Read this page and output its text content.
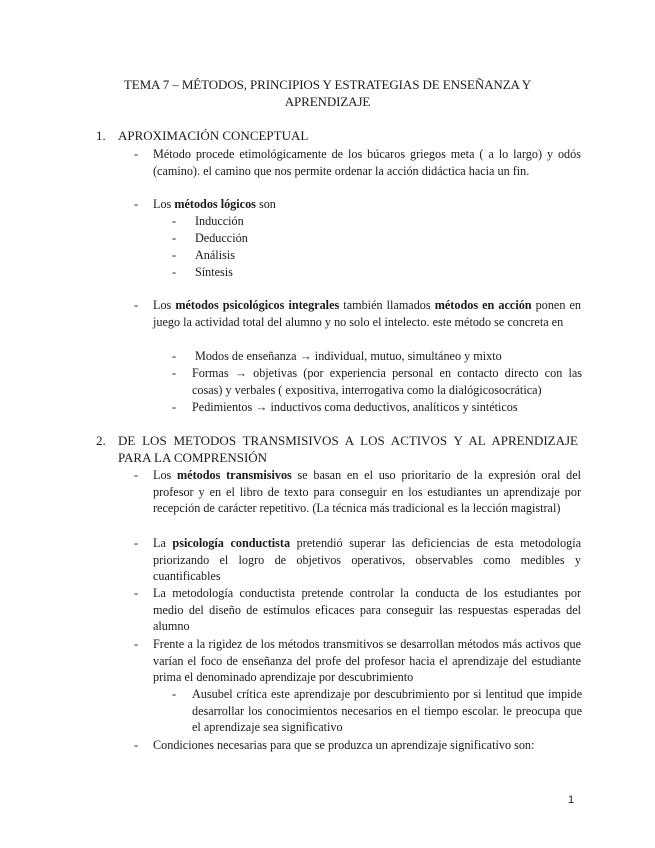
TEMA 7 – MÉTODOS, PRINCIPIOS Y ESTRATEGIAS DE ENSEÑANZA Y
APRENDIZAJE
1. APROXIMACIÓN CONCEPTUAL
- Método procede etimológicamente de los búcaros griegos meta ( a lo largo) y odós (camino). el camino que nos permite ordenar la acción didáctica hacia un fin.
- Los métodos lógicos son
- Inducción
- Deducción
- Análisis
- Síntesis
- Los métodos psicológicos integrales también llamados métodos en acción ponen en juego la actividad total del alumno y no solo el intelecto. este método se concreta en
- Modos de enseñanza → individual, mutuo, simultáneo y mixto
- Formas → objetivas (por experiencia personal en contacto directo con las cosas) y verbales ( expositiva, interrogativa como la dialógicosocrática)
- Pedimientos → inductivos coma deductivos, analíticos y sintéticos
2. DE LOS METODOS TRANSMISIVOS A LOS ACTIVOS Y AL APRENDIZAJE PARA LA COMPRENSIÓN
- Los métodos transmisivos se basan en el uso prioritario de la expresión oral del profesor y en el libro de texto para conseguir en los estudiantes un aprendizaje por recepción de carácter repetitivo. (La técnica más tradicional es la lección magistral)
- La psicología conductista pretendió superar las deficiencias de esta metodología priorizando el logro de objetivos operativos, observables como medibles y cuantificables
- La metodología conductista pretende controlar la conducta de los estudiantes por medio del diseño de estímulos eficaces para conseguir las respuestas esperadas del alumno
- Frente a la rigidez de los métodos transmitivos se desarrollan métodos más activos que varían el foco de enseñanza del profe del profesor hacia el aprendizaje del estudiante prima el denominado aprendizaje por descubrimiento
- Ausubel crítica este aprendizaje por descubrimiento por si lentitud que impide desarrollar los conocimientos necesarios en el tiempo escolar. le preocupa que el aprendizaje sea significativo
- Condiciones necesarias para que se produzca un aprendizaje significativo son:
1
